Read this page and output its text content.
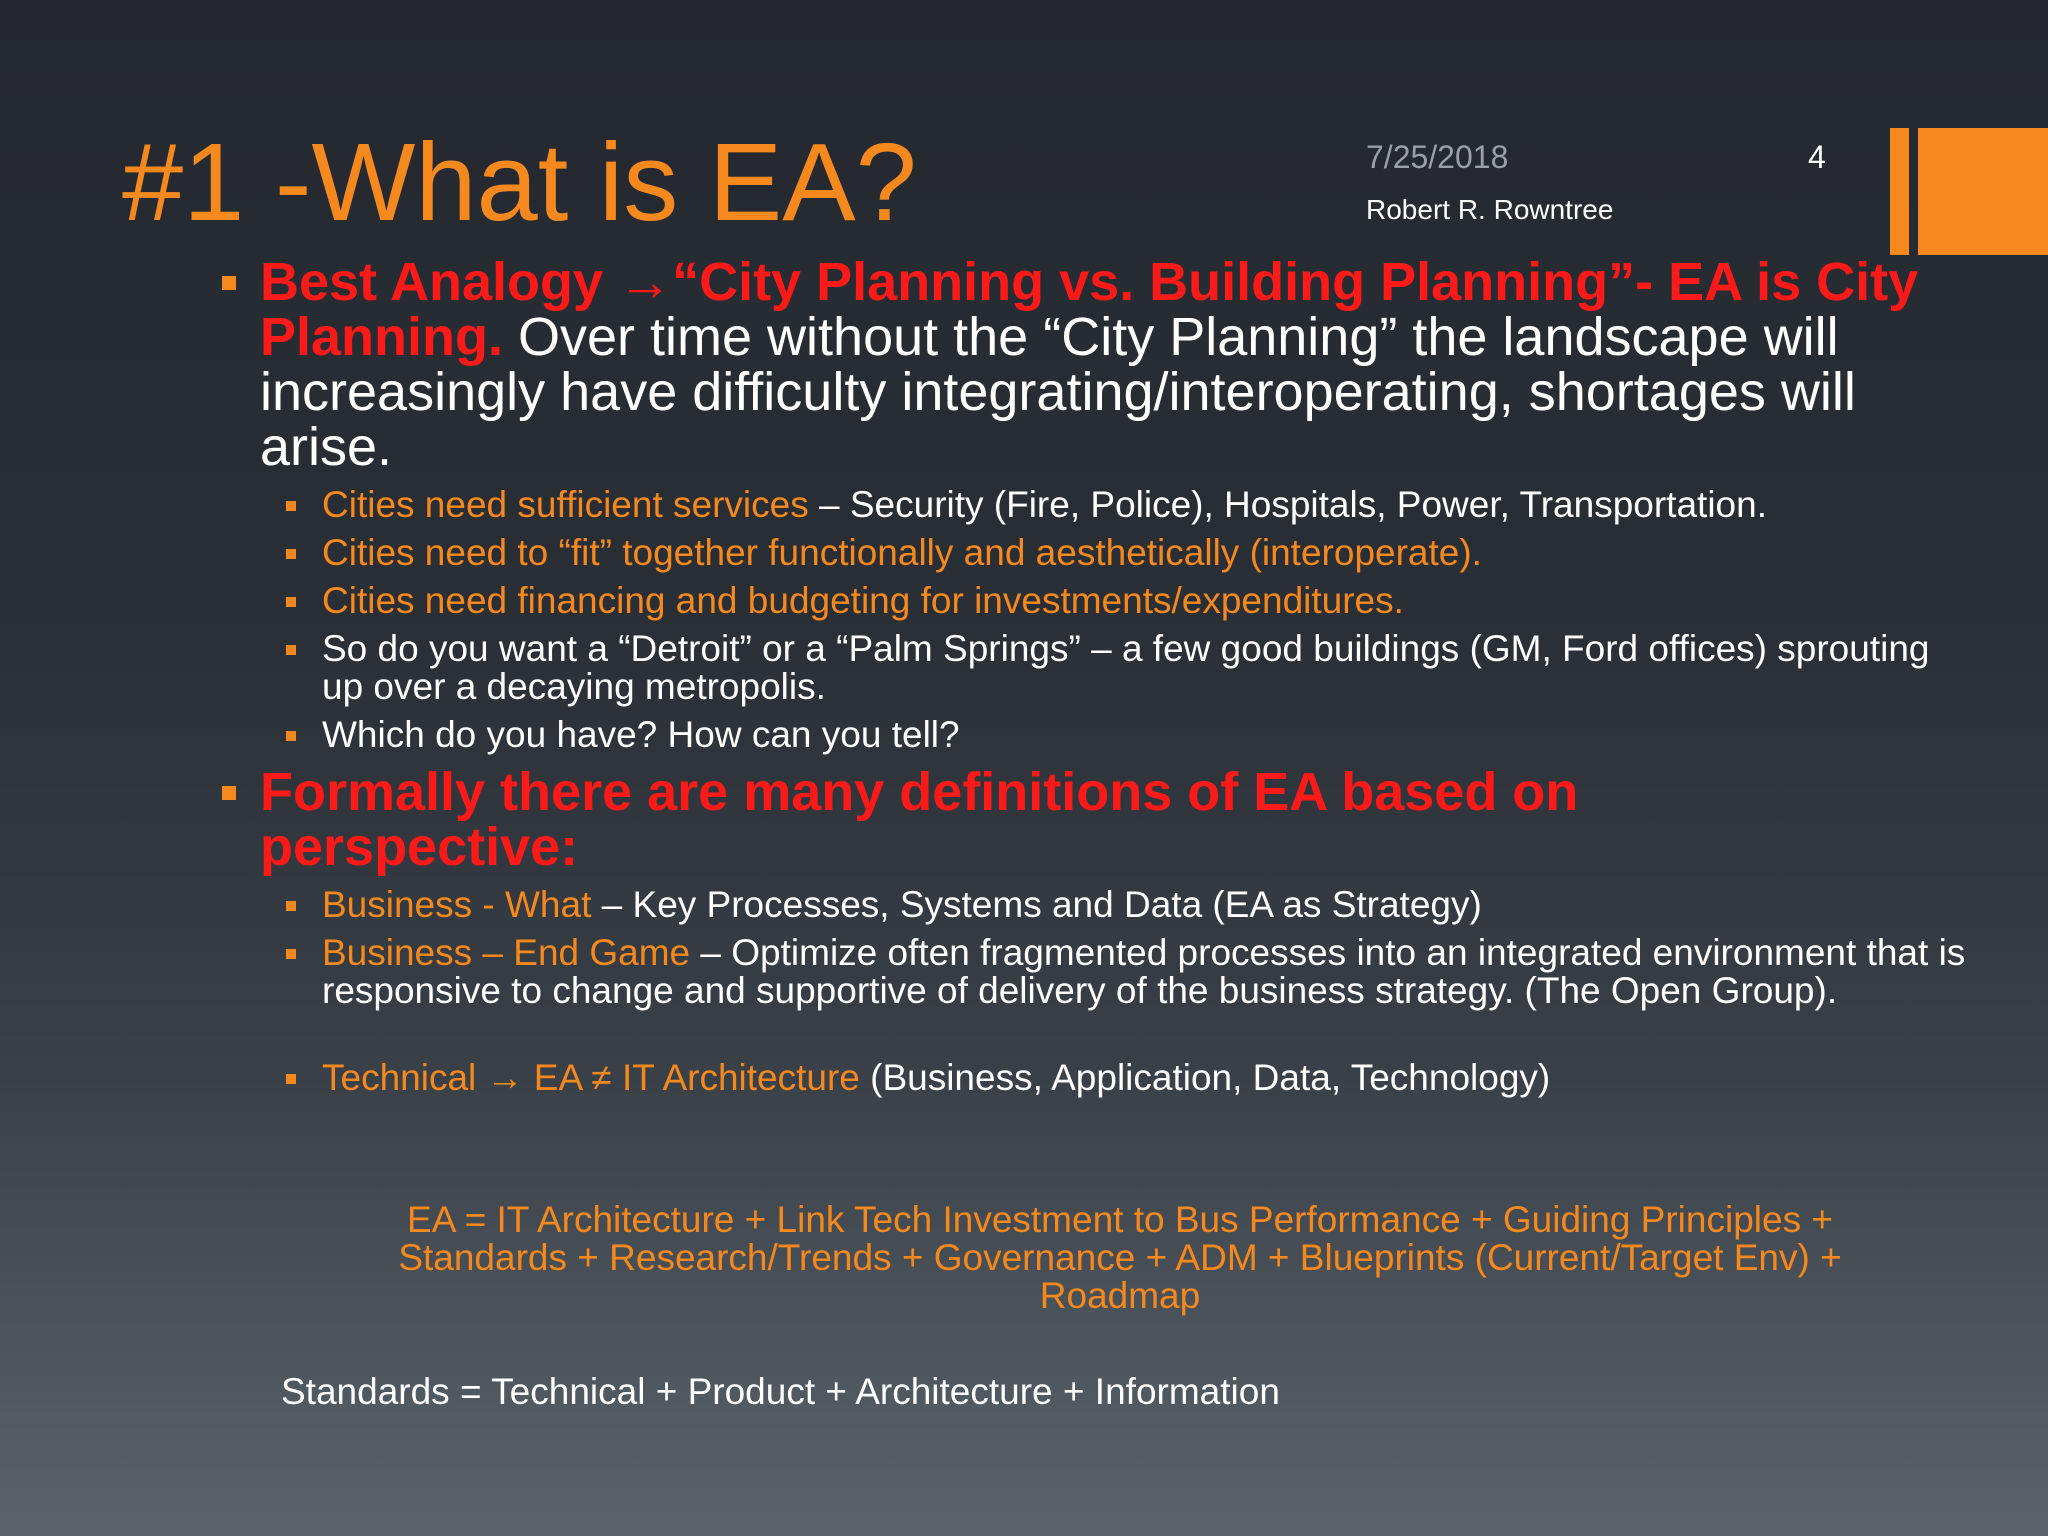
#1 -What is EA?	7/25/2018	4
Robert R. Rowntree
Best Analogy →“City Planning vs. Building Planning”- EA is City Planning. Over time without the “City Planning” the landscape will increasingly have difficulty integrating/interoperating, shortages will arise.
Cities need sufficient services – Security (Fire, Police), Hospitals, Power, Transportation.
Cities need to “fit” together functionally and aesthetically (interoperate).
Cities need financing and budgeting for investments/expenditures.
So do you want a “Detroit” or a “Palm Springs” – a few good buildings (GM, Ford offices) sprouting up over a decaying metropolis.
Which do you have? How can you tell?
Formally there are many definitions of EA based on perspective:
Business - What – Key Processes, Systems and Data (EA as Strategy)
Business – End Game – Optimize often fragmented processes into an integrated environment that is responsive to change and supportive of delivery of the business strategy. (The Open Group).
Technical → EA ≠ IT Architecture (Business, Application, Data, Technology)
EA = IT Architecture + Link Tech Investment to Bus Performance + Guiding Principles + Standards + Research/Trends + Governance + ADM + Blueprints (Current/Target Env) + Roadmap
Standards = Technical + Product + Architecture + Information
